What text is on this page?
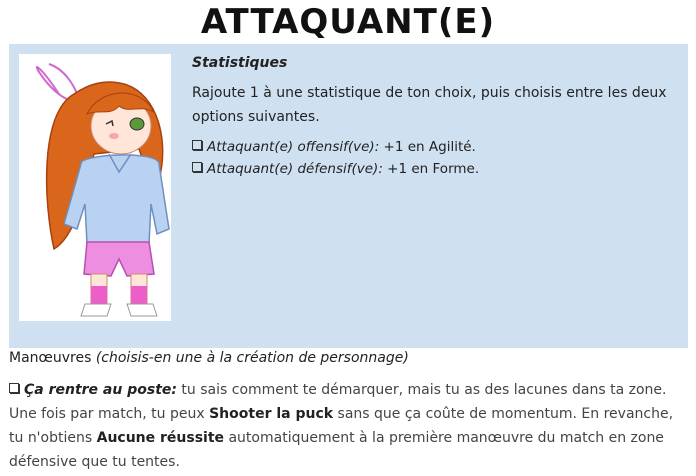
ATTAQUANT(E)
Statistiques
Rajoute 1 à une statistique de ton choix, puis choisis entre les deux options suivantes.
Attaquant(e) offensif(ve): +1 en Agilité.
Attaquant(e) défensif(ve): +1 en Forme.
Manœuvres (choisis-en une à la création de personnage)
Ça rentre au poste: tu sais comment te démarquer, mais tu as des lacunes dans ta zone. Une fois par match, tu peux Shooter la puck sans que ça coûte de momentum. En revanche, tu n'obtiens Aucune réussite automatiquement à la première manœuvre du match en zone défensive que tu tentes.
